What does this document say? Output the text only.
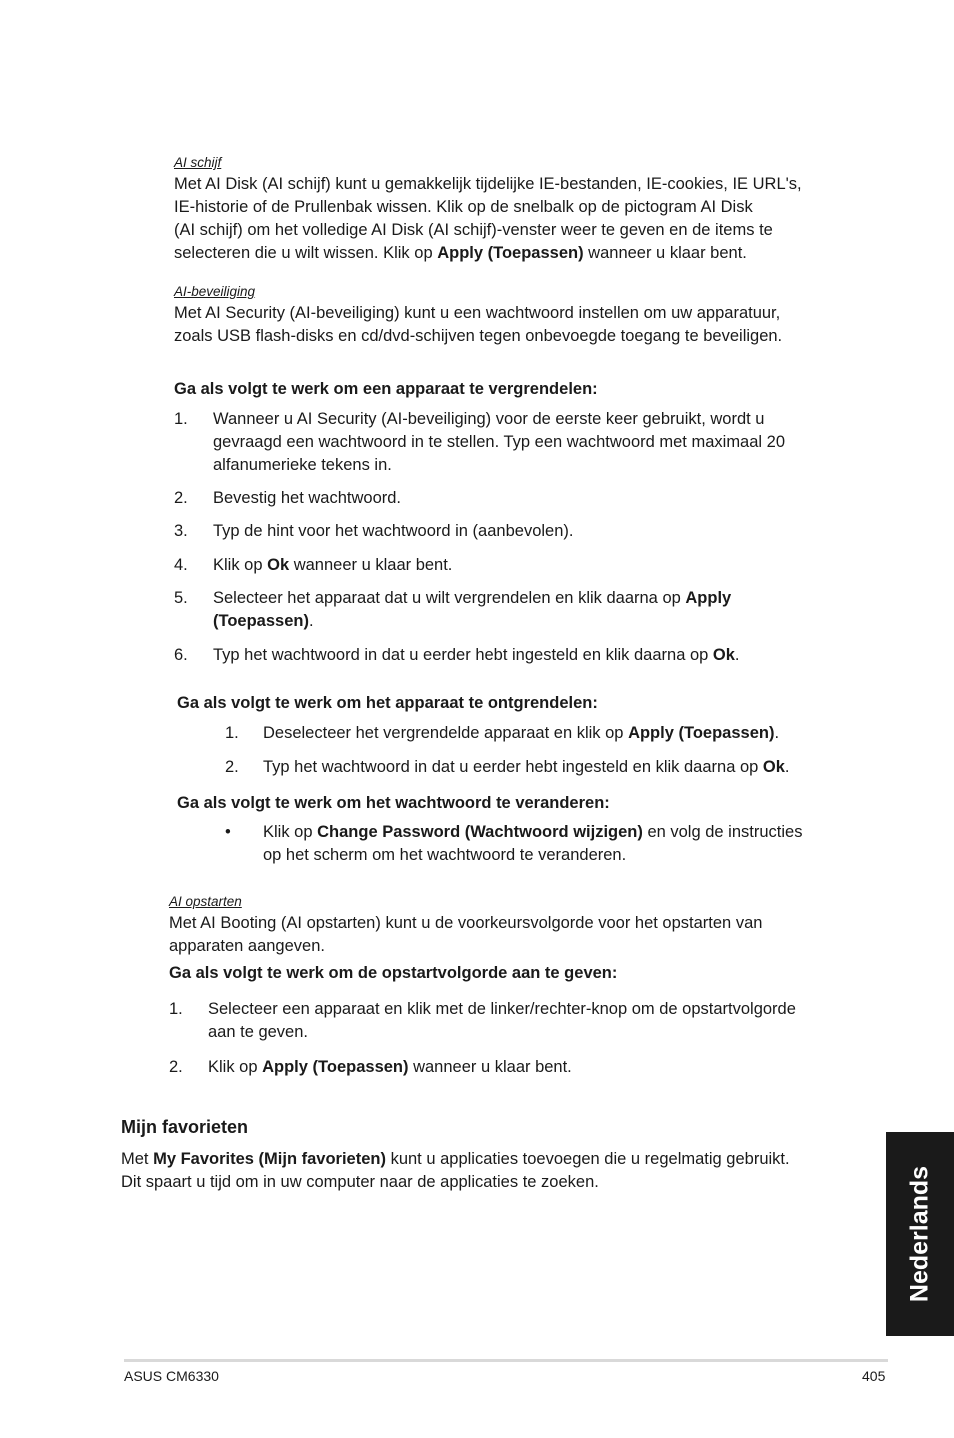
AI schijf
Met AI Disk (AI schijf) kunt u gemakkelijk tijdelijke IE-bestanden, IE-cookies, IE URL's,
IE-historie of de Prullenbak wissen. Klik op de snelbalk op de pictogram AI Disk
(AI schijf) om het volledige AI Disk (AI schijf)-venster weer te geven en de items te
selecteren die u wilt wissen. Klik op Apply (Toepassen) wanneer u klaar bent.
AI-beveiliging
Met AI Security (AI-beveiliging) kunt u een wachtwoord instellen om uw apparatuur,
zoals USB flash-disks en cd/dvd-schijven tegen onbevoegde toegang te beveiligen.
Ga als volgt te werk om een apparaat te vergrendelen:
1. Wanneer u AI Security (AI-beveiliging) voor de eerste keer gebruikt, wordt u
gevraagd een wachtwoord in te stellen. Typ een wachtwoord met maximaal 20
alfanumerieke tekens in.
2. Bevestig het wachtwoord.
3. Typ de hint voor het wachtwoord in (aanbevolen).
4. Klik op Ok wanneer u klaar bent.
5. Selecteer het apparaat dat u wilt vergrendelen en klik daarna op Apply
(Toepassen).
6. Typ het wachtwoord in dat u eerder hebt ingesteld en klik daarna op Ok.
Ga als volgt te werk om het apparaat te ontgrendelen:
1. Deselecteer het vergrendelde apparaat en klik op Apply (Toepassen).
2. Typ het wachtwoord in dat u eerder hebt ingesteld en klik daarna op Ok.
Ga als volgt te werk om het wachtwoord te veranderen:
• Klik op Change Password (Wachtwoord wijzigen) en volg de instructies
op het scherm om het wachtwoord te veranderen.
AI opstarten
Met AI Booting (AI opstarten) kunt u de voorkeursvolgorde voor het opstarten van
apparaten aangeven.
Ga als volgt te werk om de opstartvolgorde aan te geven:
1. Selecteer een apparaat en klik met de linker/rechter-knop om de opstartvolgorde
aan te geven.
2. Klik op Apply (Toepassen) wanneer u klaar bent.
Mijn favorieten
Met My Favorites (Mijn favorieten) kunt u applicaties toevoegen die u regelmatig gebruikt.
Dit spaart u tijd om in uw computer naar de applicaties te zoeken.	Nederlands
ASUS CM6330	405
